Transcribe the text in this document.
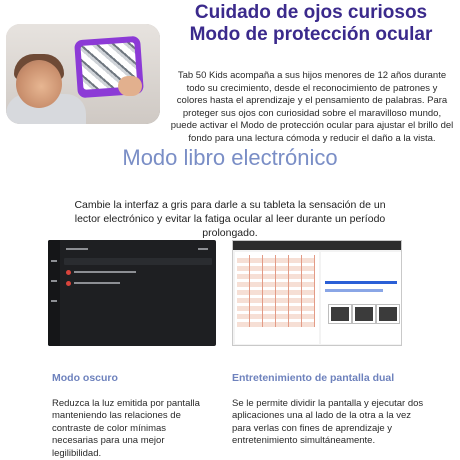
Cuidado de ojos curiosos
Modo de protección ocular
Tab 50 Kids acompaña a sus hijos menores de 12 años durante todo su crecimiento, desde el reconocimiento de patrones y colores hasta el aprendizaje y el pensamiento de palabras. Para proteger sus ojos con curiosidad sobre el maravilloso mundo, puede activar el Modo de protección ocular para ajustar el brillo del fondo para una lectura cómoda y reducir el daño a la vista.
Modo libro electrónico
Cambie la interfaz a gris para darle a su tableta la sensación de un lector electrónico y evitar la fatiga ocular al leer durante un período prolongado.
Modo oscuro	Entretenimiento de pantalla dual
Reduzca la luz emitida por pantalla manteniendo las relaciones de contraste de color mínimas necesarias para una mejor legilibilidad.
Se le permite dividir la pantalla y ejecutar dos aplicaciones una al lado de la otra a la vez para verlas con fines de aprendizaje y entretenimiento simultáneamente.
